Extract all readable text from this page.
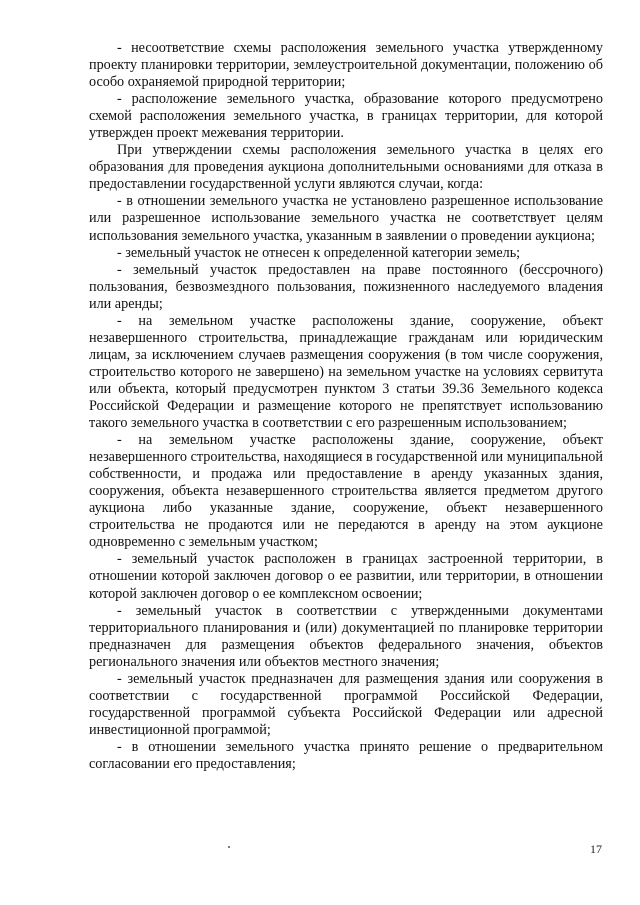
- несоответствие схемы расположения земельного участка утвержденному проекту планировки территории, землеустроительной документации, положению об особо охраняемой природной территории;

- расположение земельного участка, образование которого предусмотрено схемой расположения земельного участка, в границах территории, для которой утвержден проект межевания территории.

При утверждении схемы расположения земельного участка в целях его образования для проведения аукциона дополнительными основаниями для отказа в предоставлении государственной услуги являются случаи, когда:

- в отношении земельного участка не установлено разрешенное использование или разрешенное использование земельного участка не соответствует целям использования земельного участка, указанным в заявлении о проведении аукциона;

- земельный участок не отнесен к определенной категории земель;

- земельный участок предоставлен на праве постоянного (бессрочного) пользования, безвозмездного пользования, пожизненного наследуемого владения или аренды;

- на земельном участке расположены здание, сооружение, объект незавершенного строительства, принадлежащие гражданам или юридическим лицам, за исключением случаев размещения сооружения (в том числе сооружения, строительство которого не завершено) на земельном участке на условиях сервитута или объекта, который предусмотрен пунктом 3 статьи 39.36 Земельного кодекса Российской Федерации и размещение которого не препятствует использованию такого земельного участка в соответствии с его разрешенным использованием;

- на земельном участке расположены здание, сооружение, объект незавершенного строительства, находящиеся в государственной или муниципальной собственности, и продажа или предоставление в аренду указанных здания, сооружения, объекта незавершенного строительства является предметом другого аукциона либо указанные здание, сооружение, объект незавершенного строительства не продаются или не передаются в аренду на этом аукционе одновременно с земельным участком;

- земельный участок расположен в границах застроенной территории, в отношении которой заключен договор о ее развитии, или территории, в отношении которой заключен договор о ее комплексном освоении;

- земельный участок в соответствии с утвержденными документами территориального планирования и (или) документацией по планировке территории предназначен для размещения объектов федерального значения, объектов регионального значения или объектов местного значения;

- земельный участок предназначен для размещения здания или сооружения в соответствии с государственной программой Российской Федерации, государственной программой субъекта Российской Федерации или адресной инвестиционной программой;

- в отношении земельного участка принято решение о предварительном согласовании его предоставления;

17
